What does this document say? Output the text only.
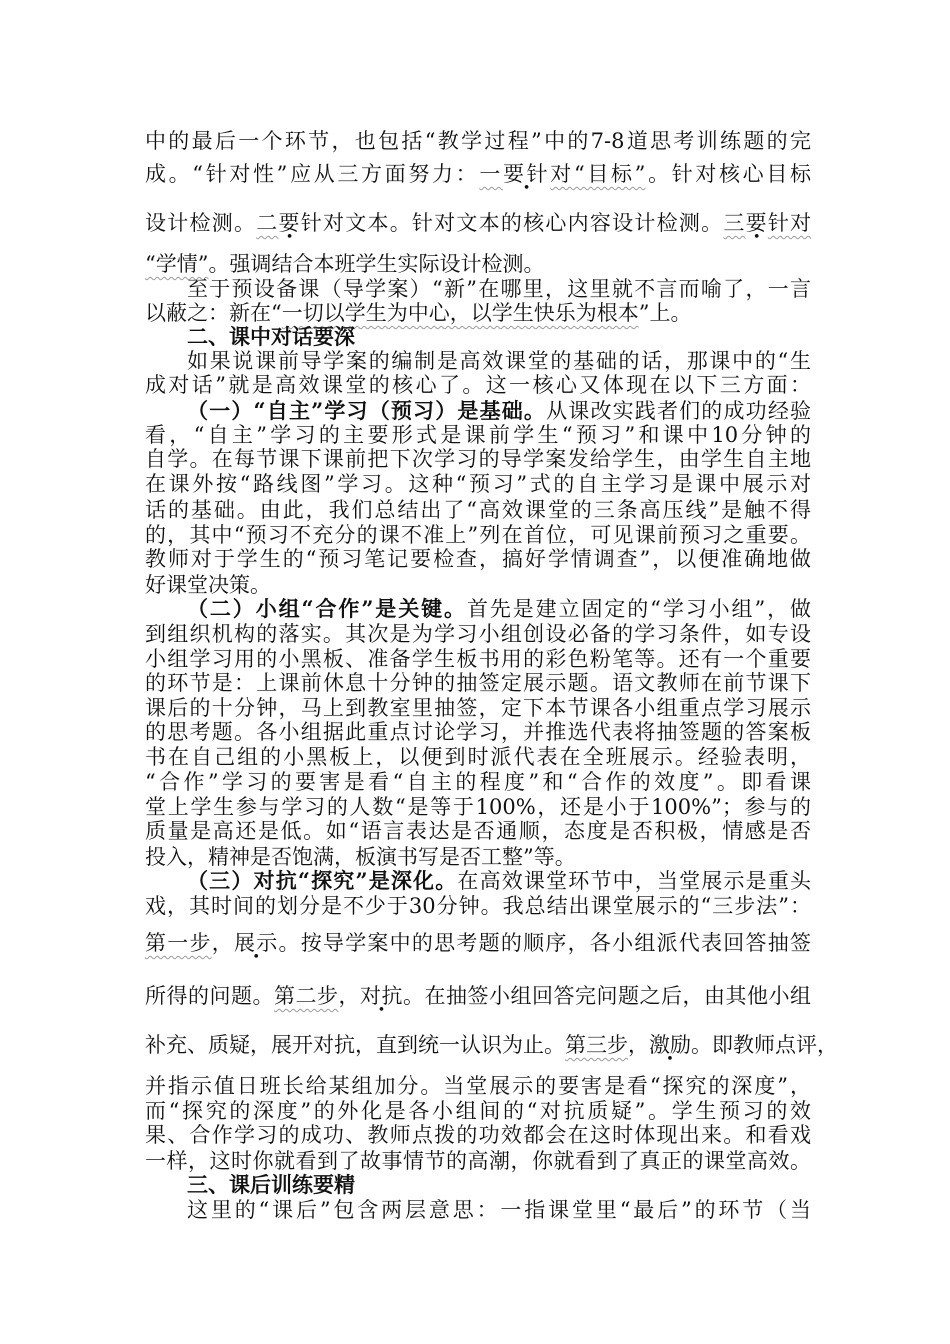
中的最后一个环节，也包括“教学过程”中的7-8道思考训练题的完
成。“针对性”应从三方面努力：一要针对“目标”。针对核心目标
设计检测。二要针对文本。针对文本的核心内容设计检测。三要针对
“学情”。强调结合本班学生实际设计检测。
至于预设备课（导学案）“新”在哪里，这里就不言而喻了，一言
以蔽之：新在“一切以学生为中心，以学生快乐为根本”上。
二、课中对话要深
如果说课前导学案的编制是高效课堂的基础的话，那课中的“生
成对话”就是高效课堂的核心了。这一核心又体现在以下三方面：
（一）“自主”学习（预习）是基础。从课改实践者们的成功经验
看，“自主”学习的主要形式是课前学生“预习”和课中10分钟的
自学。在每节课下课前把下次学习的导学案发给学生，由学生自主地
在课外按“路线图”学习。这种“预习”式的自主学习是课中展示对
话的基础。由此，我们总结出了“高效课堂的三条高压线”是触不得
的，其中“预习不充分的课不准上”列在首位，可见课前预习之重要。
教师对于学生的“预习笔记要检查，搞好学情调查”，以便准确地做
好课堂决策。
（二）小组“合作”是关键。首先是建立固定的“学习小组”，做
到组织机构的落实。其次是为学习小组创设必备的学习条件，如专设
小组学习用的小黑板、准备学生板书用的彩色粉笔等。还有一个重要
的环节是：上课前休息十分钟的抽签定展示题。语文教师在前节课下
课后的十分钟，马上到教室里抽签，定下本节课各小组重点学习展示
的思考题。各小组据此重点讨论学习，并推选代表将抽签题的答案板
书在自己组的小黑板上，以便到时派代表在全班展示。经验表明，
“合作”学习的要害是看“自主的程度”和“合作的效度”。即看课
堂上学生参与学习的人数“是等于100%，还是小于100%”；参与的
质量是高还是低。如“语言表达是否通顺，态度是否积极，情感是否
投入，精神是否饱满，板演书写是否工整”等。
（三）对抗“探究”是深化。在高效课堂环节中，当堂展示是重头
戏，其时间的划分是不少于30分钟。我总结出课堂展示的“三步法”：
第一步，展示。按导学案中的思考题的顺序，各小组派代表回答抽签
所得的问题。第二步，对抗。在抽签小组回答完问题之后，由其他小组
补充、质疑，展开对抗，直到统一认识为止。第三步，激励。即教师点评，
并指示值日班长给某组加分。当堂展示的要害是看“探究的深度”，
而“探究的深度”的外化是各小组间的“对抗质疑”。学生预习的效
果、合作学习的成功、教师点拨的功效都会在这时体现出来。和看戏
一样，这时你就看到了故事情节的高潮，你就看到了真正的课堂高效。
三、课后训练要精
这里的“课后”包含两层意思：一指课堂里“最后”的环节（当
